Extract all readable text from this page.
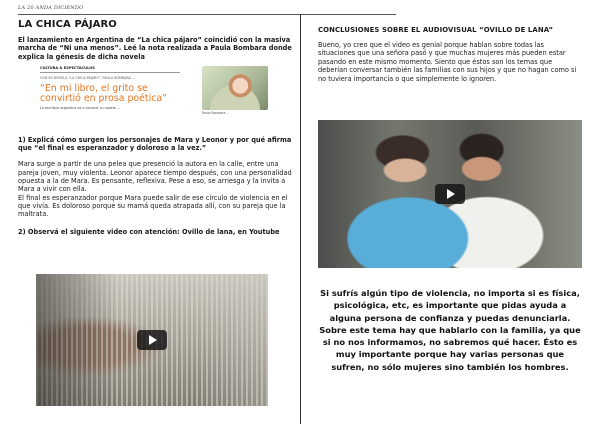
LA 20 ANDA DICIENDO
LA CHICA PÁJARO

El lanzamiento en Argentina de “La chica pájaro” coincidió con la masiva marcha de “Ni una menos”. Leé la nota realizada a Paula Bombara donde explica la génesis de dicha novela

CULTURA & ESPECTACULOS
CON SU NOVELA “LA CHICA PÁJARO”, PAULA BOMBARA ...
“En mi libro, el grito se convirtió en prosa poética”
La escritora argentina da a conocer su novela ...
Paula Bombara ...

1) Explicá cómo surgen los personajes de Mara y Leonor y por qué afirma que “el final es esperanzador y doloroso a la vez.”

Mara surge a partir de una pelea que presenció la autora en la calle, entre una pareja joven, muy violenta. Leonor aparece tiempo después, con una personalidad opuesta a la de Mara. Es pensante, reflexiva. Pese a eso, se arriesga y la invita a Mara a vivir con ella.

El final es esperanzador porque Mara puede salir de ese círculo de violencia en el que vivía. Es doloroso porque su mamá queda atrapada allí, con su pareja que la maltrata.

2) Observá el siguiente video con atención: Ovillo de lana, en Youtube

CONCLUSIONES SOBRE EL AUDIOVISUAL “OVILLO DE LANA”

Bueno, yo creo que el video es genial porque hablan sobre todas las situaciones que una señora pasó y que muchas mujeres más pueden estar pasando en este mismo momento. Siento que éstos son los temas que deberían conversar también las familias con sus hijos y que no hagan como si no tuviera importancia o que simplemente lo ignoren.

Si sufrís algún tipo de violencia, no importa si es física, psicológica, etc, es importante que pidas ayuda a alguna persona de confianza y puedas denunciarla. Sobre este tema hay que hablarlo con la familia, ya que si no nos informamos, no sabremos qué hacer. Ésto es muy importante porque hay varias personas que sufren, no sólo mujeres sino también los hombres.
